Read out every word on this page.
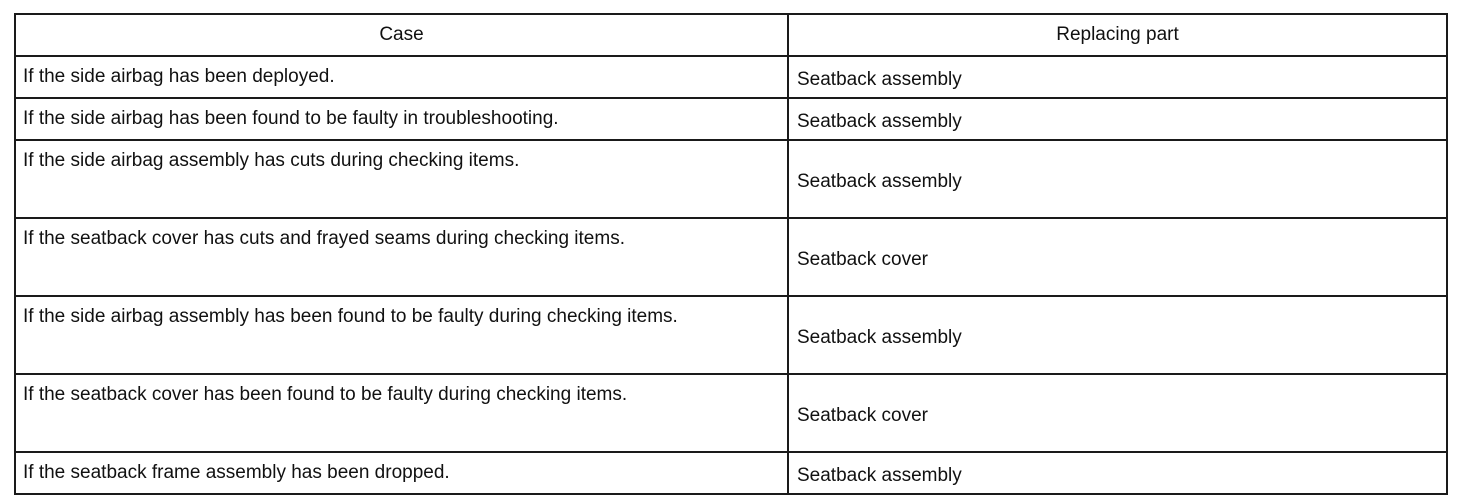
Case	Replacing part
If the side airbag has been deployed.	Seatback assembly
If the side airbag has been found to be faulty in troubleshooting.	Seatback assembly
If the side airbag assembly has cuts during checking items.	Seatback assembly
If the seatback cover has cuts and frayed seams during checking items.	Seatback cover
If the side airbag assembly has been found to be faulty during checking items.	Seatback assembly
If the seatback cover has been found to be faulty during checking items.	Seatback cover
If the seatback frame assembly has been dropped.	Seatback assembly
